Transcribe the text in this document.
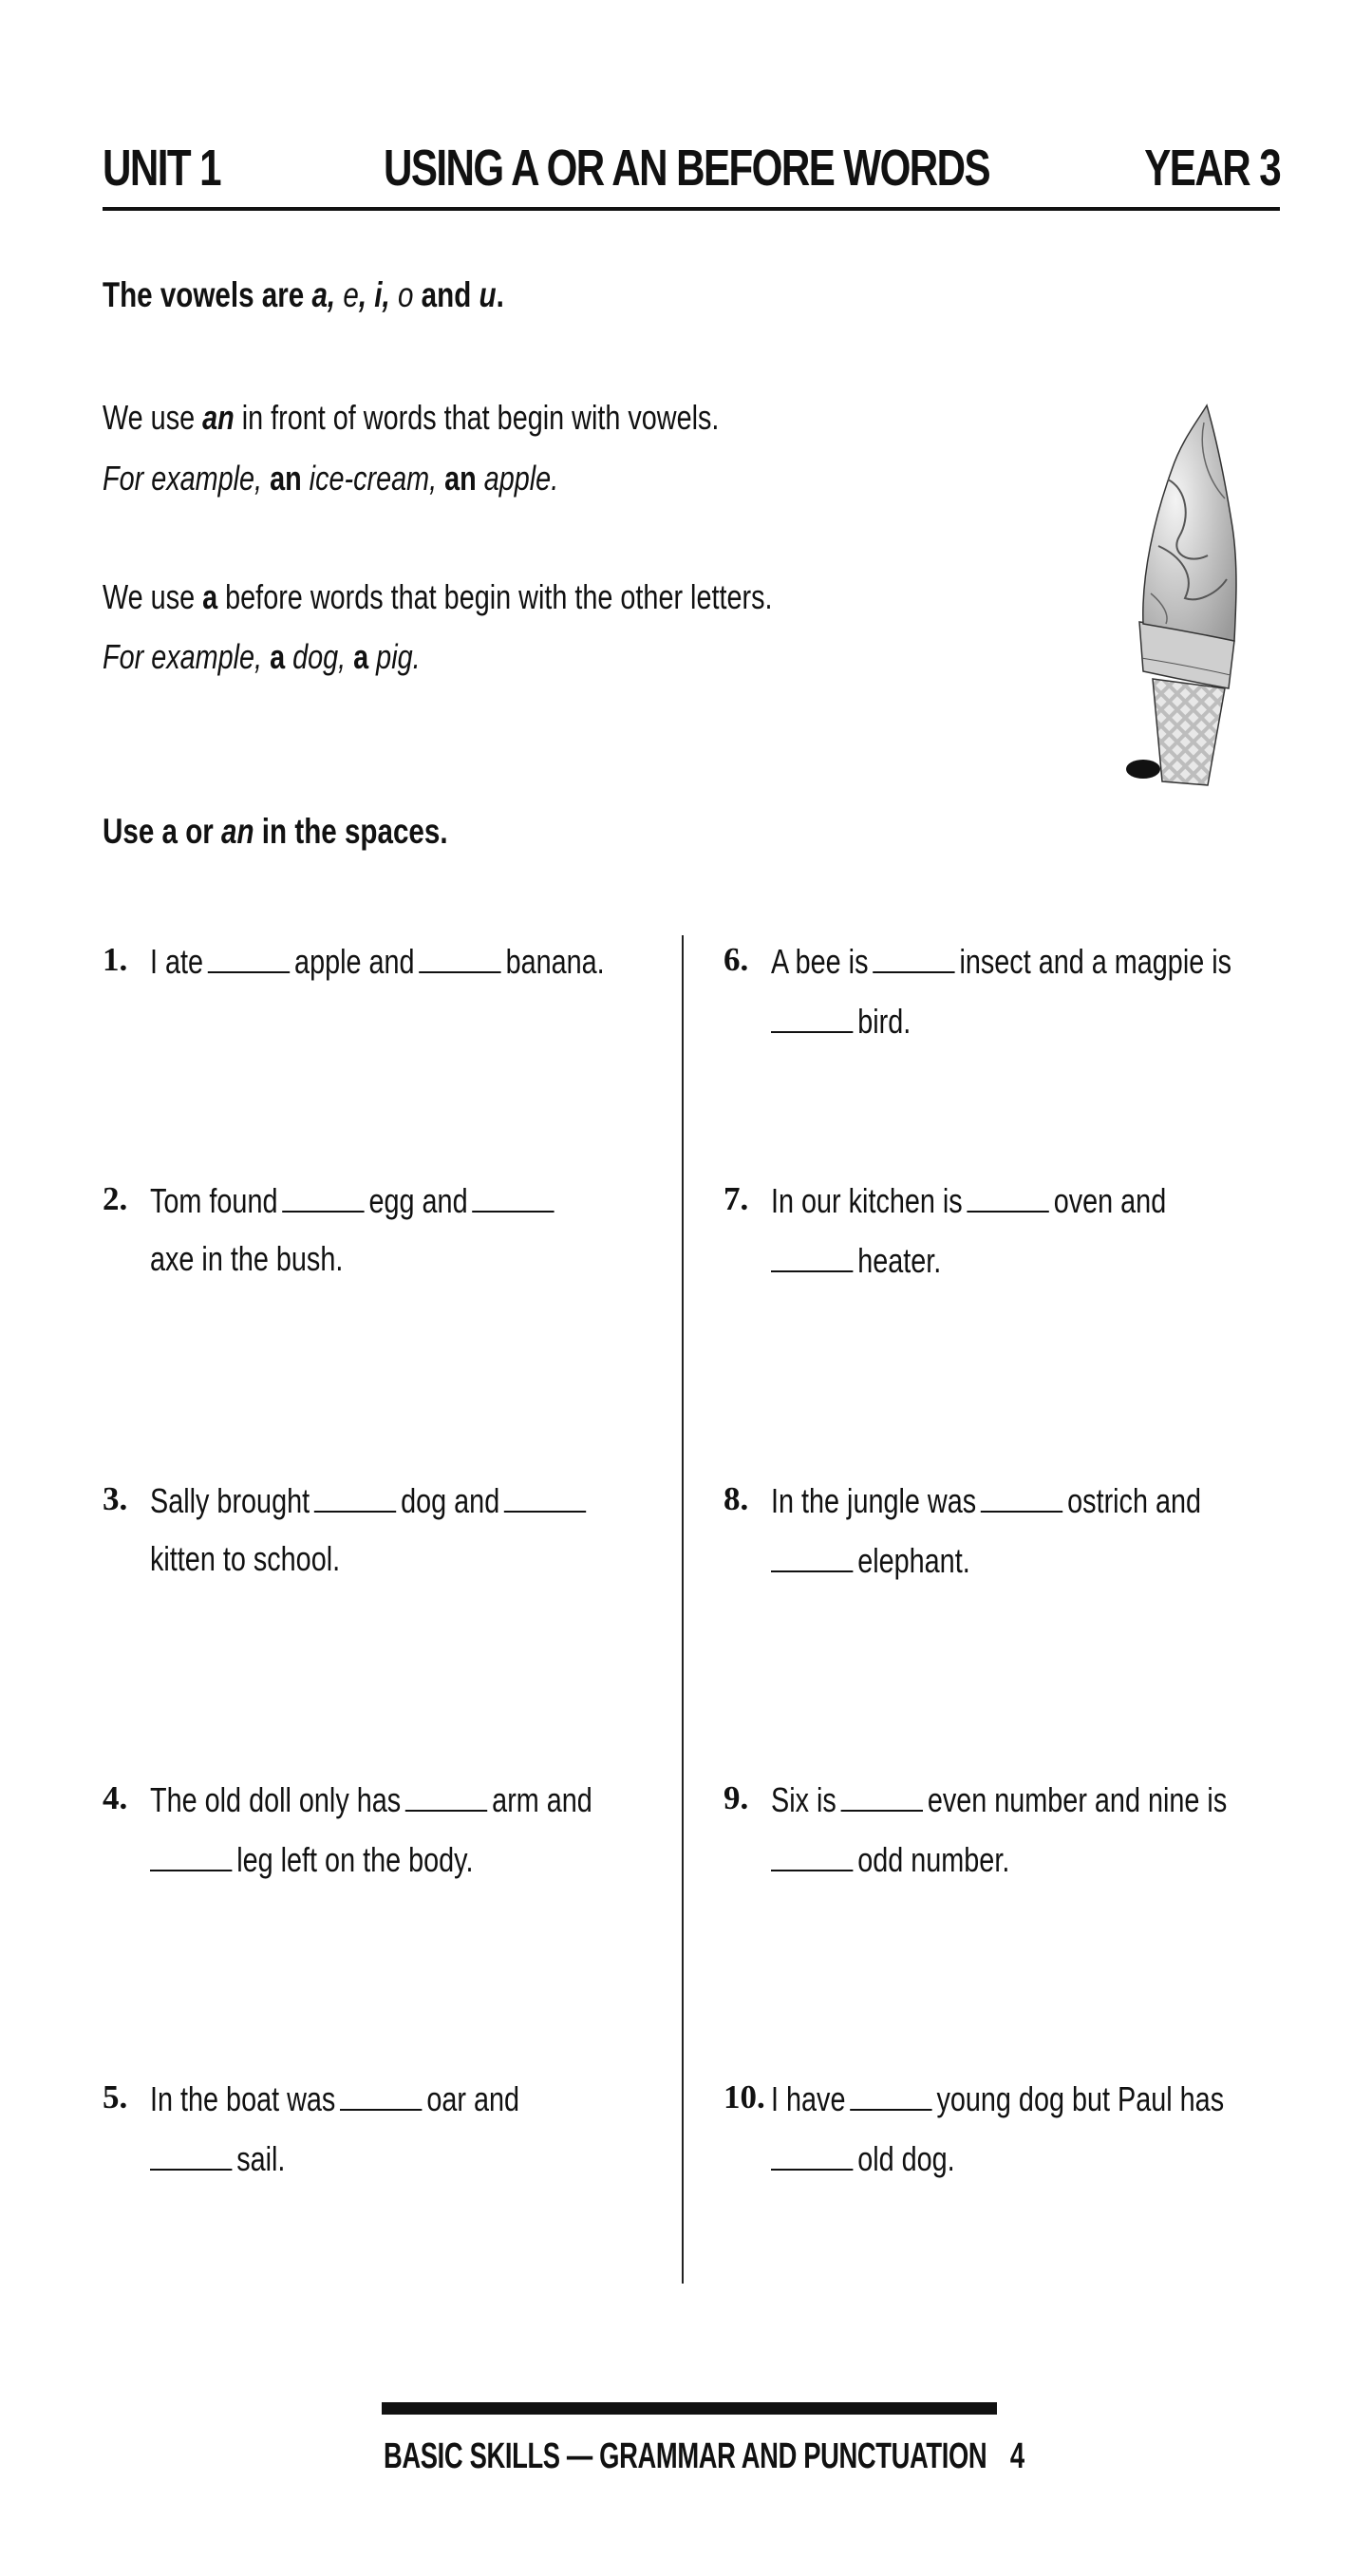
UNIT 1	USING A OR AN BEFORE WORDS	YEAR 3
The vowels are a, e, i, o and u.
We use an in front of words that begin with vowels.
For example, an ice-cream, an apple.
We use a before words that begin with the other letters.
For example, a dog, a pig.
Use a or an in the spaces.
1. I ate	apple and	banana.
2. Tom found	egg and
axe in the bush.
3. Sally brought	dog and
kitten to school.
4. The old doll only has	arm and
leg left on the body.
5. In the boat was	oar and
sail.
6. A bee is	insect and a magpie is
bird.
7. In our kitchen is	oven and
heater.
8. In the jungle was	ostrich and
elephant.
9. Six is	even number and nine is
odd number.
10. I have	young dog but Paul has
old dog.
BASIC SKILLS — GRAMMAR AND PUNCTUATION 4
